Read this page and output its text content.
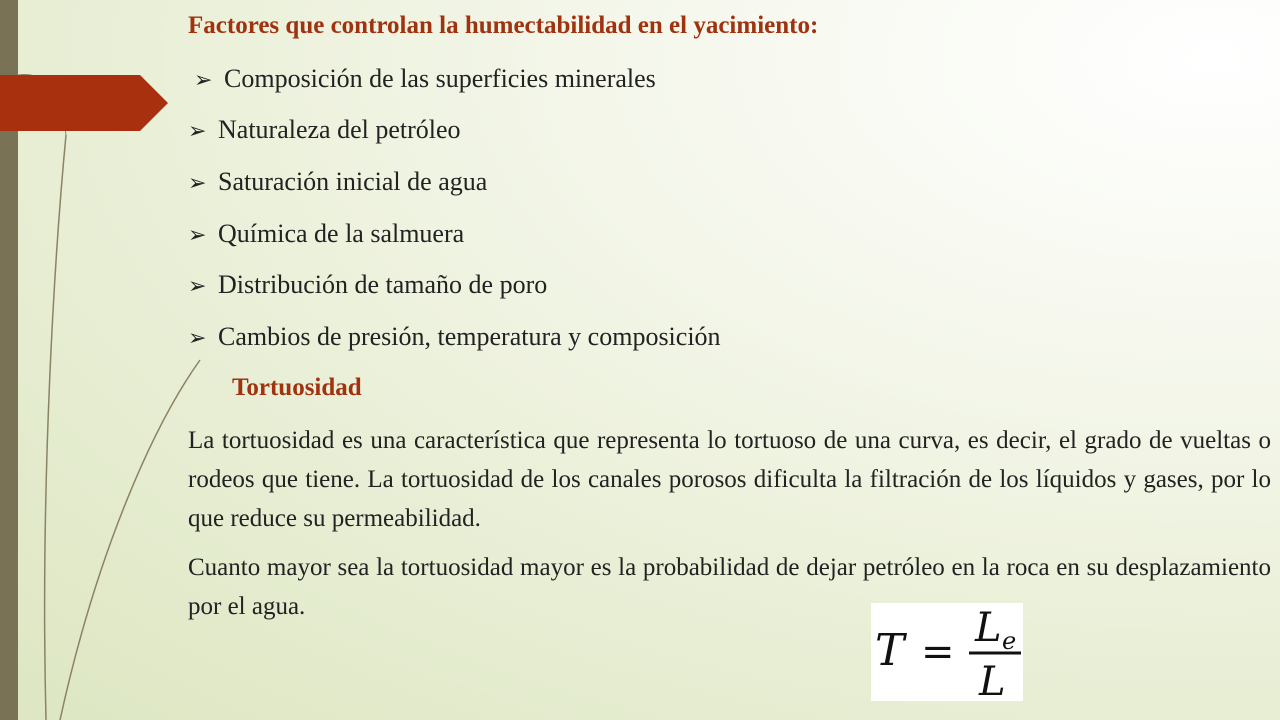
Factores que controlan la humectabilidad en el yacimiento:
➢ Composición de las superficies minerales
➢ Naturaleza del petróleo
➢ Saturación inicial de agua
➢ Química de la salmuera
➢ Distribución de tamaño de poro
➢ Cambios de presión, temperatura y composición
Tortuosidad
La tortuosidad es una característica que representa lo tortuoso de una curva, es decir, el grado de vueltas o rodeos que tiene. La tortuosidad de los canales porosos dificulta la filtración de los líquidos y gases, por lo que reduce su permeabilidad.
Cuanto mayor sea la tortuosidad mayor es la probabilidad de dejar petróleo en la roca en su desplazamiento por el agua.
T =
L e
L
